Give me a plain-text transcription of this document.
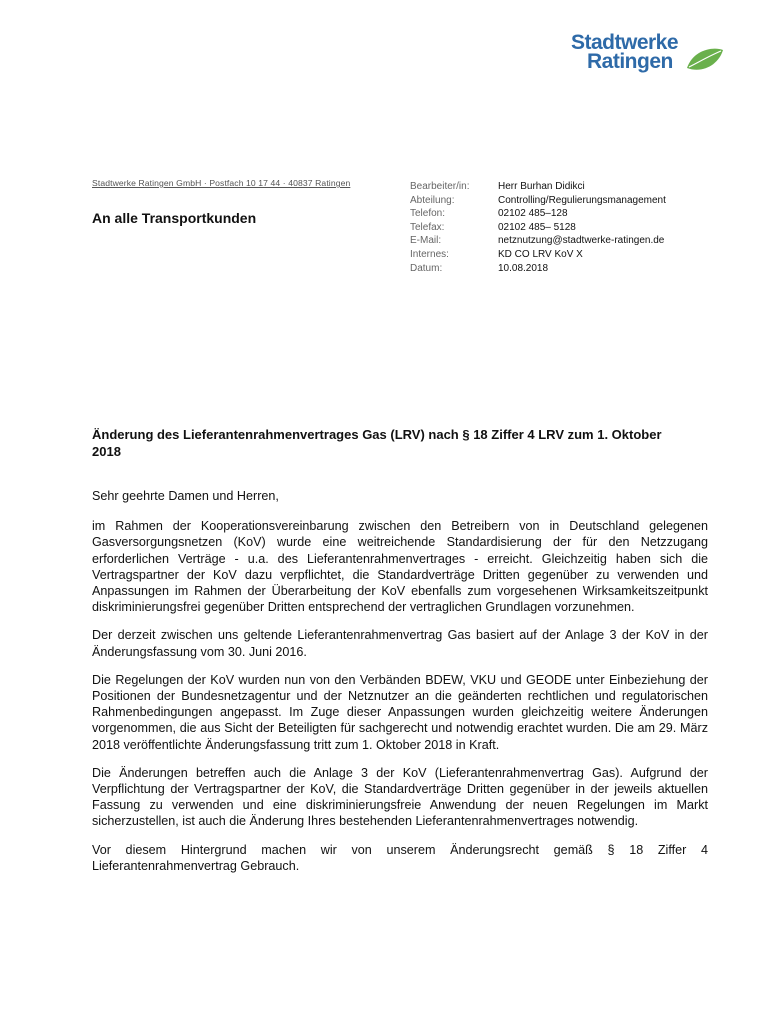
Stadtwerke
Ratingen
Stadtwerke Ratingen GmbH · Postfach 10 17 44 · 40837 Ratingen
An alle Transportkunden
Bearbeiter/in:	Herr Burhan Didikci
Abteilung:	Controlling/Regulierungsmanagement
Telefon:	02102 485–128
Telefax:	02102 485– 5128
E-Mail:	netznutzung@stadtwerke-ratingen.de
Internes:	KD CO LRV KoV X
Datum:	10.08.2018
Änderung des Lieferantenrahmenvertrages Gas (LRV) nach § 18 Ziffer 4 LRV zum 1. Oktober 2018

Sehr geehrte Damen und Herren,

im Rahmen der Kooperationsvereinbarung zwischen den Betreibern von in Deutschland gelegenen Gasversorgungsnetzen (KoV) wurde eine weitreichende Standardisierung der für den Netzzugang erforderlichen Verträge - u.a. des Lieferantenrahmenvertrages - erreicht. Gleichzeitig haben sich die Vertragspartner der KoV dazu verpflichtet, die Standardverträge Dritten gegenüber zu verwenden und Anpassungen im Rahmen der Überarbeitung der KoV ebenfalls zum vorgesehenen Wirksamkeitszeitpunkt diskriminierungsfrei gegenüber Dritten entsprechend der vertraglichen Grundlagen vorzunehmen.

Der derzeit zwischen uns geltende Lieferantenrahmenvertrag Gas basiert auf der Anlage 3 der KoV in der Änderungsfassung vom 30. Juni 2016.

Die Regelungen der KoV wurden nun von den Verbänden BDEW, VKU und GEODE unter Einbeziehung der Positionen der Bundesnetzagentur und der Netznutzer an die geänderten rechtlichen und regulatorischen Rahmenbedingungen angepasst. Im Zuge dieser Anpassungen wurden gleichzeitig weitere Änderungen vorgenommen, die aus Sicht der Beteiligten für sachgerecht und notwendig erachtet wurden. Die am 29. März 2018 veröffentlichte Änderungsfassung tritt zum 1. Oktober 2018 in Kraft.

Die Änderungen betreffen auch die Anlage 3 der KoV (Lieferantenrahmenvertrag Gas). Aufgrund der Verpflichtung der Vertragspartner der KoV, die Standardverträge Dritten gegenüber in der jeweils aktuellen Fassung zu verwenden und eine diskriminierungsfreie Anwendung der neuen Regelungen im Markt sicherzustellen, ist auch die Änderung Ihres bestehenden Lieferantenrahmenvertrages notwendig.

Vor diesem Hintergrund machen wir von unserem Änderungsrecht gemäß § 18 Ziffer 4 Lieferantenrahmenvertrag Gebrauch.
